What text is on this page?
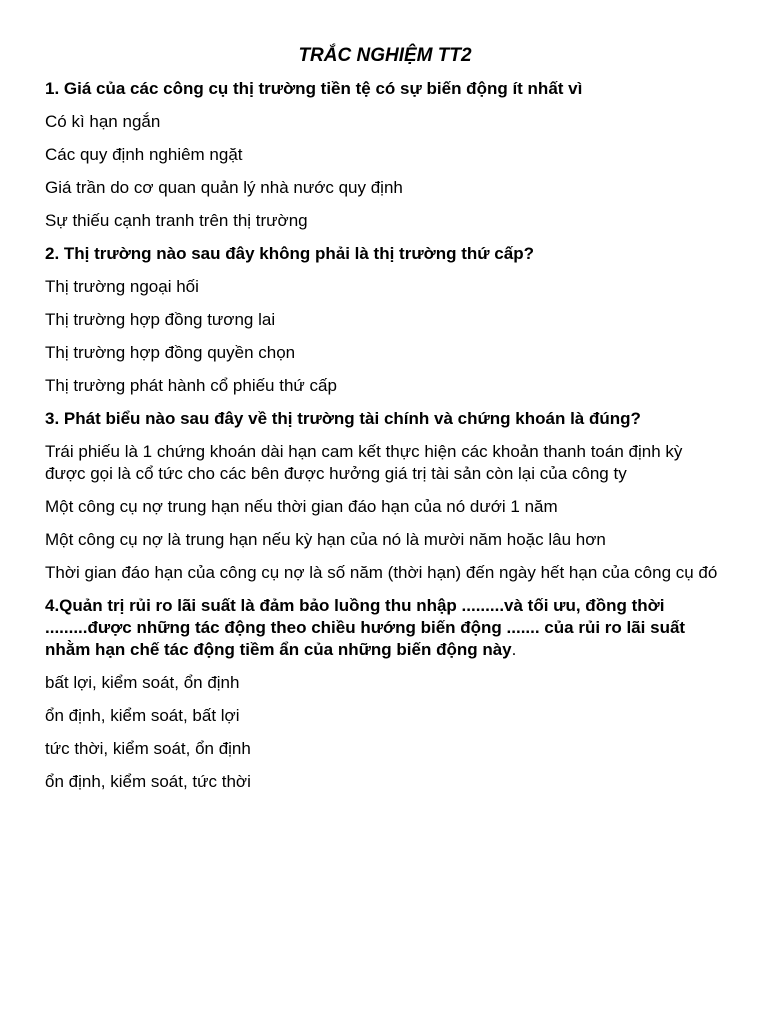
TRẮC NGHIỆM TT2
1. Giá của các công cụ thị trường tiền tệ có sự biến động ít nhất vì
Có kì hạn ngắn
Các quy định nghiêm ngặt
Giá trần do cơ quan quản lý nhà nước quy định
Sự thiếu cạnh tranh trên thị trường
2. Thị trường nào sau đây không phải là thị trường thứ cấp?
Thị trường ngoại hối
Thị trường hợp đồng tương lai
Thị trường hợp đồng quyền chọn
Thị trường phát hành cổ phiếu thứ cấp
3. Phát biểu nào sau đây về thị trường tài chính và chứng khoán là đúng?
Trái phiếu là 1 chứng khoán dài hạn cam kết thực hiện các khoản thanh toán định kỳ được gọi là cổ tức cho các bên được hưởng giá trị tài sản còn lại của công ty
Một công cụ nợ trung hạn nếu thời gian đáo hạn của nó dưới 1 năm
Một công cụ nợ là trung hạn nếu kỳ hạn của nó là mười năm hoặc lâu hơn
Thời gian đáo hạn của công cụ nợ là số năm (thời hạn) đến ngày hết hạn của công cụ đó
4.Quản trị rủi ro lãi suất là đảm bảo luồng thu nhập .........và tối ưu, đồng thời .........được những tác động theo chiều hướng biến động ....... của rủi ro lãi suất nhằm hạn chế tác động tiềm ẩn của những biến động này.
bất lợi, kiểm soát, ổn định
ổn định, kiểm soát, bất lợi
tức thời, kiểm soát, ổn định
ổn định, kiểm soát, tức thời
